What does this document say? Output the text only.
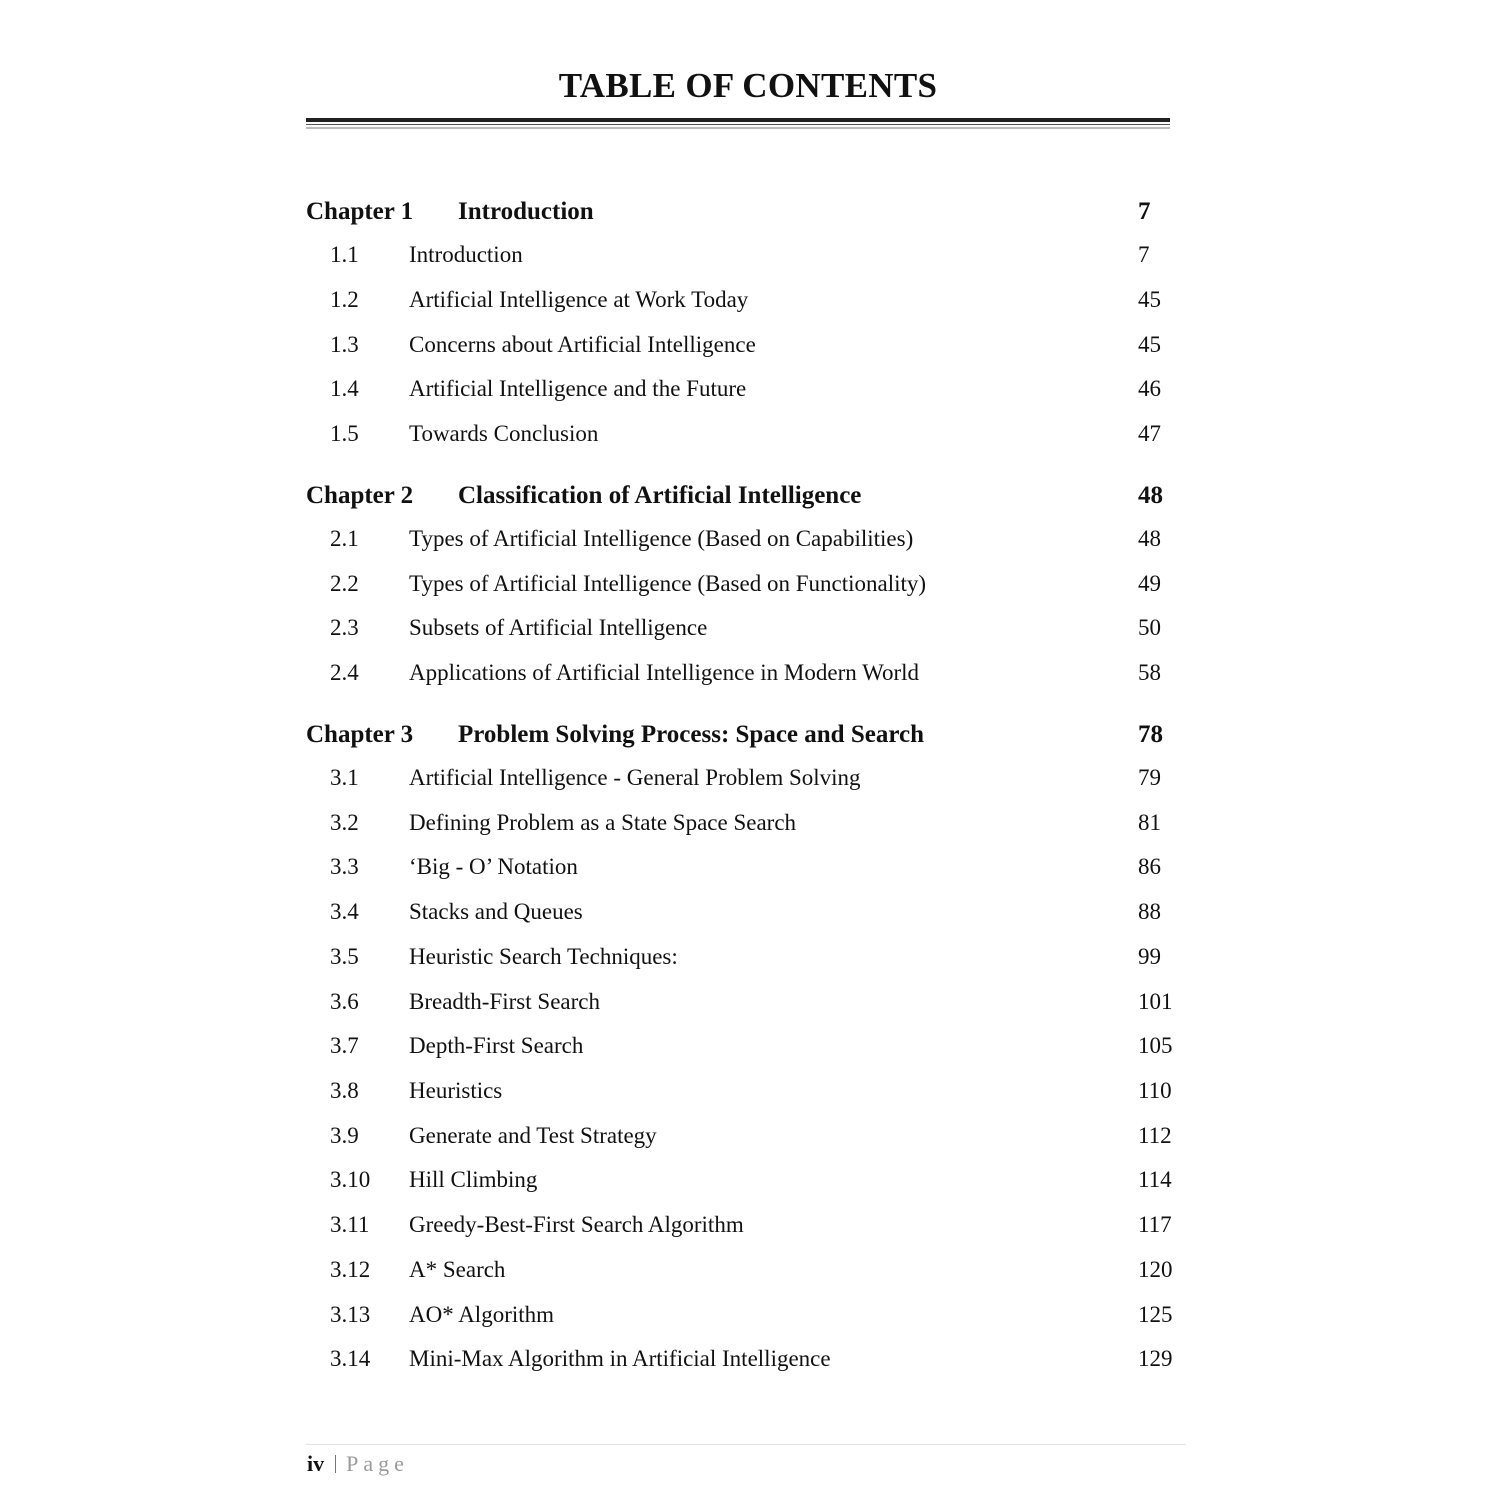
TABLE OF CONTENTS
Chapter 1 Introduction	7
1.1 Introduction	7
1.2 Artificial Intelligence at Work Today	45
1.3 Concerns about Artificial Intelligence	45
1.4 Artificial Intelligence and the Future	46
1.5 Towards Conclusion	47
Chapter 2 Classification of Artificial Intelligence	48
2.1 Types of Artificial Intelligence (Based on Capabilities)	48
2.2 Types of Artificial Intelligence (Based on Functionality)	49
2.3 Subsets of Artificial Intelligence	50
2.4 Applications of Artificial Intelligence in Modern World	58
Chapter 3 Problem Solving Process: Space and Search	78
3.1 Artificial Intelligence - General Problem Solving	79
3.2 Defining Problem as a State Space Search	81
3.3 ‘Big - O’ Notation	86
3.4 Stacks and Queues	88
3.5 Heuristic Search Techniques:	99
3.6 Breadth-First Search	101
3.7 Depth-First Search	105
3.8 Heuristics	110
3.9 Generate and Test Strategy	112
3.10 Hill Climbing	114
3.11 Greedy-Best-First Search Algorithm	117
3.12 A* Search	120
3.13 AO* Algorithm	125
3.14 Mini-Max Algorithm in Artificial Intelligence	129
iv Page
